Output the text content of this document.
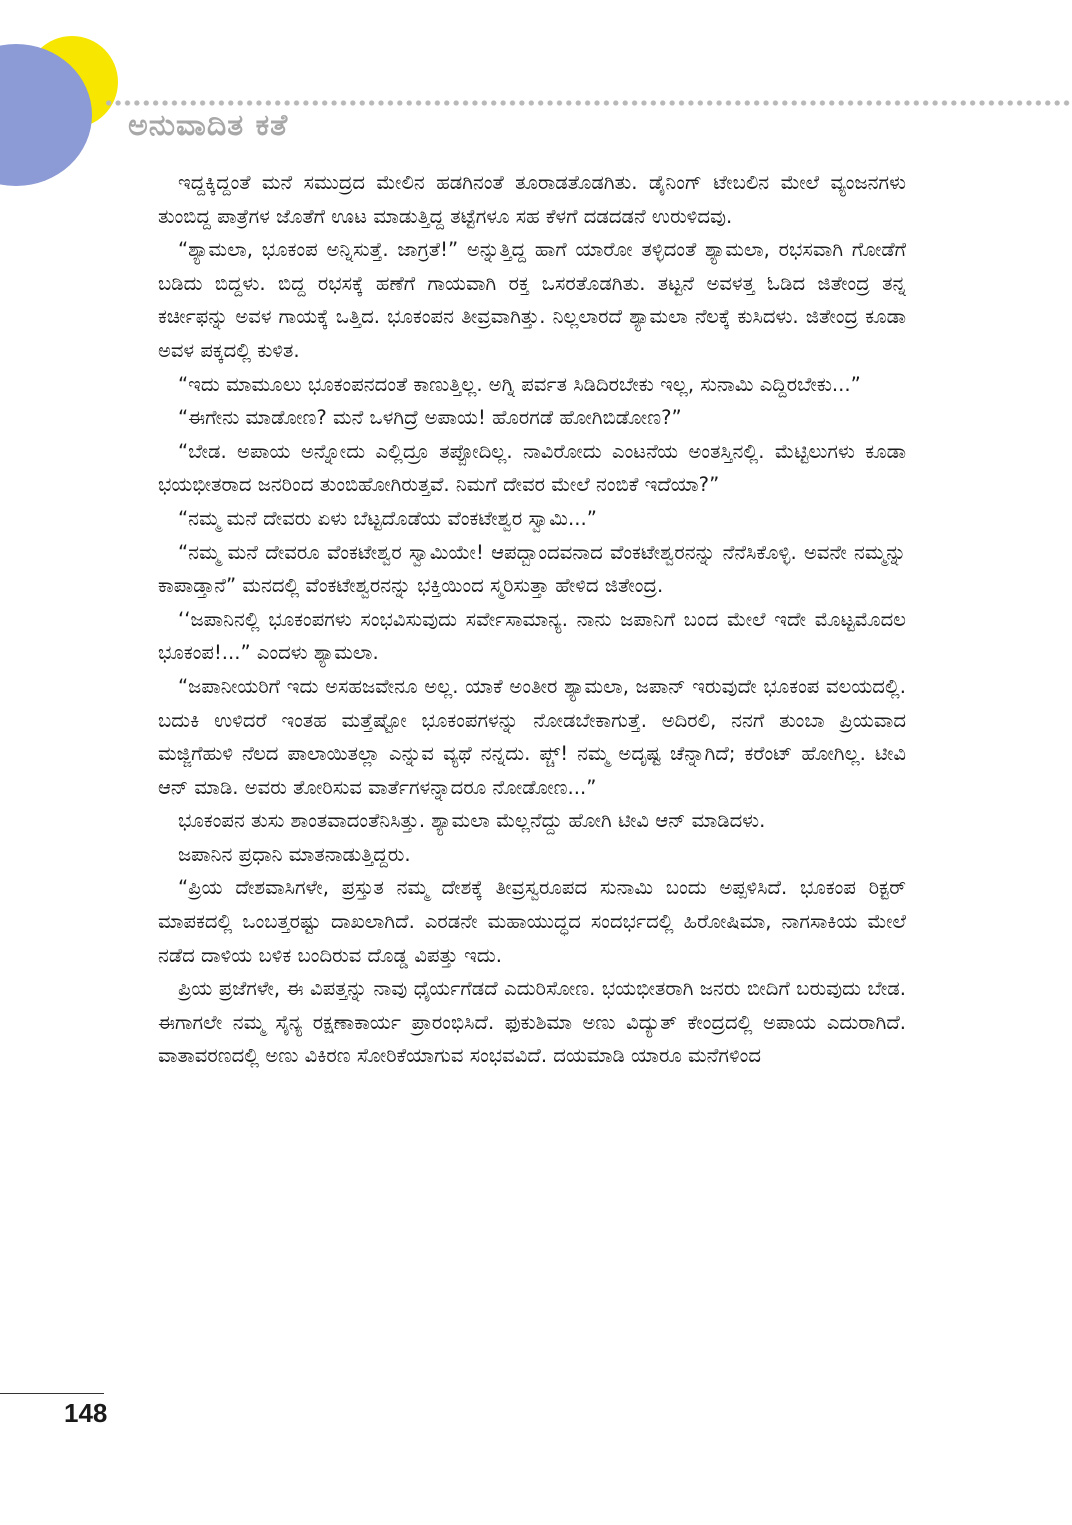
ಅನುವಾದಿತ ಕತೆ

ಇದ್ದಕ್ಕಿದ್ದಂತೆ ಮನೆ ಸಮುದ್ರದ ಮೇಲಿನ ಹಡಗಿನಂತೆ ತೂರಾಡತೊಡಗಿತು. ಡೈನಿಂಗ್ ಟೇಬಲಿನ ಮೇಲೆ ವ್ಯಂಜನಗಳು ತುಂಬಿದ್ದ ಪಾತ್ರೆಗಳ ಜೊತೆಗೆ ಊಟ ಮಾಡುತ್ತಿದ್ದ ತಟ್ಟೆಗಳೂ ಸಹ ಕೆಳಗೆ ದಡದಡನೆ ಉರುಳಿದವು.

“ಶ್ಯಾಮಲಾ, ಭೂಕಂಪ ಅನ್ನಿಸುತ್ತೆ. ಜಾಗ್ರತೆ!” ಅನ್ನುತ್ತಿದ್ದ ಹಾಗೆ ಯಾರೋ ತಳ್ಳಿದಂತೆ ಶ್ಯಾಮಲಾ, ರಭಸವಾಗಿ ಗೋಡೆಗೆ ಬಡಿದು ಬಿದ್ದಳು. ಬಿದ್ದ ರಭಸಕ್ಕೆ ಹಣೆಗೆ ಗಾಯವಾಗಿ ರಕ್ತ ಒಸರತೊಡಗಿತು. ತಟ್ಟನೆ ಅವಳತ್ತ ಓಡಿದ ಜಿತೇಂದ್ರ ತನ್ನ ಕರ್ಚೀಫನ್ನು ಅವಳ ಗಾಯಕ್ಕೆ ಒತ್ತಿದ. ಭೂಕಂಪನ ತೀವ್ರವಾಗಿತ್ತು. ನಿಲ್ಲಲಾರದೆ ಶ್ಯಾಮಲಾ ನೆಲಕ್ಕೆ ಕುಸಿದಳು. ಜಿತೇಂದ್ರ ಕೂಡಾ ಅವಳ ಪಕ್ಕದಲ್ಲಿ ಕುಳಿತ.

“ಇದು ಮಾಮೂಲು ಭೂಕಂಪನದಂತೆ ಕಾಣುತ್ತಿಲ್ಲ. ಅಗ್ನಿ ಪರ್ವತ ಸಿಡಿದಿರಬೇಕು ಇಲ್ಲ, ಸುನಾಮಿ ಎದ್ದಿರಬೇಕು...”

“ಈಗೇನು ಮಾಡೋಣ? ಮನೆ ಒಳಗಿದ್ರೆ ಅಪಾಯ! ಹೊರಗಡೆ ಹೋಗಿಬಿಡೋಣ?”

“ಬೇಡ. ಅಪಾಯ ಅನ್ನೋದು ಎಲ್ಲಿದ್ರೂ ತಪ್ಪೋದಿಲ್ಲ. ನಾವಿರೋದು ಎಂಟನೆಯ ಅಂತಸ್ತಿನಲ್ಲಿ. ಮೆಟ್ಟಿಲುಗಳು ಕೂಡಾ ಭಯಭೀತರಾದ ಜನರಿಂದ ತುಂಬಿಹೋಗಿರುತ್ತವೆ. ನಿಮಗೆ ದೇವರ ಮೇಲೆ ನಂಬಿಕೆ ಇದೆಯಾ?”

“ನಮ್ಮ ಮನೆ ದೇವರು ಏಳು ಬೆಟ್ಟದೊಡೆಯ ವೆಂಕಟೇಶ್ವರ ಸ್ವಾಮಿ...”

“ನಮ್ಮ ಮನೆ ದೇವರೂ ವೆಂಕಟೇಶ್ವರ ಸ್ವಾಮಿಯೇ! ಆಪದ್ಬಾಂದವನಾದ ವೆಂಕಟೇಶ್ವರನನ್ನು ನೆನೆಸಿಕೊಳ್ಳಿ. ಅವನೇ ನಮ್ಮನ್ನು ಕಾಪಾಡ್ತಾನೆ” ಮನದಲ್ಲಿ ವೆಂಕಟೇಶ್ವರನನ್ನು ಭಕ್ತಿಯಿಂದ ಸ್ಮರಿಸುತ್ತಾ ಹೇಳಿದ ಜಿತೇಂದ್ರ.

‘‘ಜಪಾನಿನಲ್ಲಿ ಭೂಕಂಪಗಳು ಸಂಭವಿಸುವುದು ಸರ್ವೇಸಾಮಾನ್ಯ. ನಾನು ಜಪಾನಿಗೆ ಬಂದ ಮೇಲೆ ಇದೇ ಮೊಟ್ಟಮೊದಲ ಭೂಕಂಪ!...” ಎಂದಳು ಶ್ಯಾಮಲಾ.

“ಜಪಾನೀಯರಿಗೆ ಇದು ಅಸಹಜವೇನೂ ಅಲ್ಲ. ಯಾಕೆ ಅಂತೀರ ಶ್ಯಾಮಲಾ, ಜಪಾನ್ ಇರುವುದೇ ಭೂಕಂಪ ವಲಯದಲ್ಲಿ. ಬದುಕಿ ಉಳಿದರೆ ಇಂತಹ ಮತ್ತೆಷ್ಟೋ ಭೂಕಂಪಗಳನ್ನು ನೋಡಬೇಕಾಗುತ್ತೆ. ಅದಿರಲಿ, ನನಗೆ ತುಂಬಾ ಪ್ರಿಯವಾದ ಮಜ್ಜಿಗೆಹುಳಿ ನೆಲದ ಪಾಲಾಯಿತಲ್ಲಾ ಎನ್ನುವ ವ್ಯಥೆ ನನ್ನದು. ಪ್ಚ್! ನಮ್ಮ ಅದೃಷ್ಟ ಚೆನ್ನಾಗಿದೆ; ಕರೆಂಟ್ ಹೋಗಿಲ್ಲ. ಟೀವಿ ಆನ್ ಮಾಡಿ. ಅವರು ತೋರಿಸುವ ವಾರ್ತೆಗಳನ್ನಾದರೂ ನೋಡೋಣ...”

ಭೂಕಂಪನ ತುಸು ಶಾಂತವಾದಂತೆನಿಸಿತ್ತು. ಶ್ಯಾಮಲಾ ಮೆಲ್ಲನೆದ್ದು ಹೋಗಿ ಟೀವಿ ಆನ್ ಮಾಡಿದಳು.

ಜಪಾನಿನ ಪ್ರಧಾನಿ ಮಾತನಾಡುತ್ತಿದ್ದರು.

“ಪ್ರಿಯ ದೇಶವಾಸಿಗಳೇ, ಪ್ರಸ್ತುತ ನಮ್ಮ ದೇಶಕ್ಕೆ ತೀವ್ರಸ್ವರೂಪದ ಸುನಾಮಿ ಬಂದು ಅಪ್ಪಳಿಸಿದೆ. ಭೂಕಂಪ ರಿಕ್ಟರ್ ಮಾಪಕದಲ್ಲಿ ಒಂಬತ್ತರಷ್ಟು ದಾಖಲಾಗಿದೆ. ಎರಡನೇ ಮಹಾಯುದ್ಧದ ಸಂದರ್ಭದಲ್ಲಿ ಹಿರೋಷಿಮಾ, ನಾಗಸಾಕಿಯ ಮೇಲೆ ನಡೆದ ದಾಳಿಯ ಬಳಿಕ ಬಂದಿರುವ ದೊಡ್ಡ ವಿಪತ್ತು ಇದು.

ಪ್ರಿಯ ಪ್ರಜೆಗಳೇ, ಈ ವಿಪತ್ತನ್ನು ನಾವು ಧೈರ್ಯಗೆಡದೆ ಎದುರಿಸೋಣ. ಭಯಭೀತರಾಗಿ ಜನರು ಬೀದಿಗೆ ಬರುವುದು ಬೇಡ. ಈಗಾಗಲೇ ನಮ್ಮ ಸೈನ್ಯ ರಕ್ಷಣಾಕಾರ್ಯ ಪ್ರಾರಂಭಿಸಿದೆ. ಫುಕುಶಿಮಾ ಅಣು ವಿದ್ಯುತ್ ಕೇಂದ್ರದಲ್ಲಿ ಅಪಾಯ ಎದುರಾಗಿದೆ. ವಾತಾವರಣದಲ್ಲಿ ಅಣು ವಿಕಿರಣ ಸೋರಿಕೆಯಾಗುವ ಸಂಭವವಿದೆ. ದಯಮಾಡಿ ಯಾರೂ ಮನೆಗಳಿಂದ

148
